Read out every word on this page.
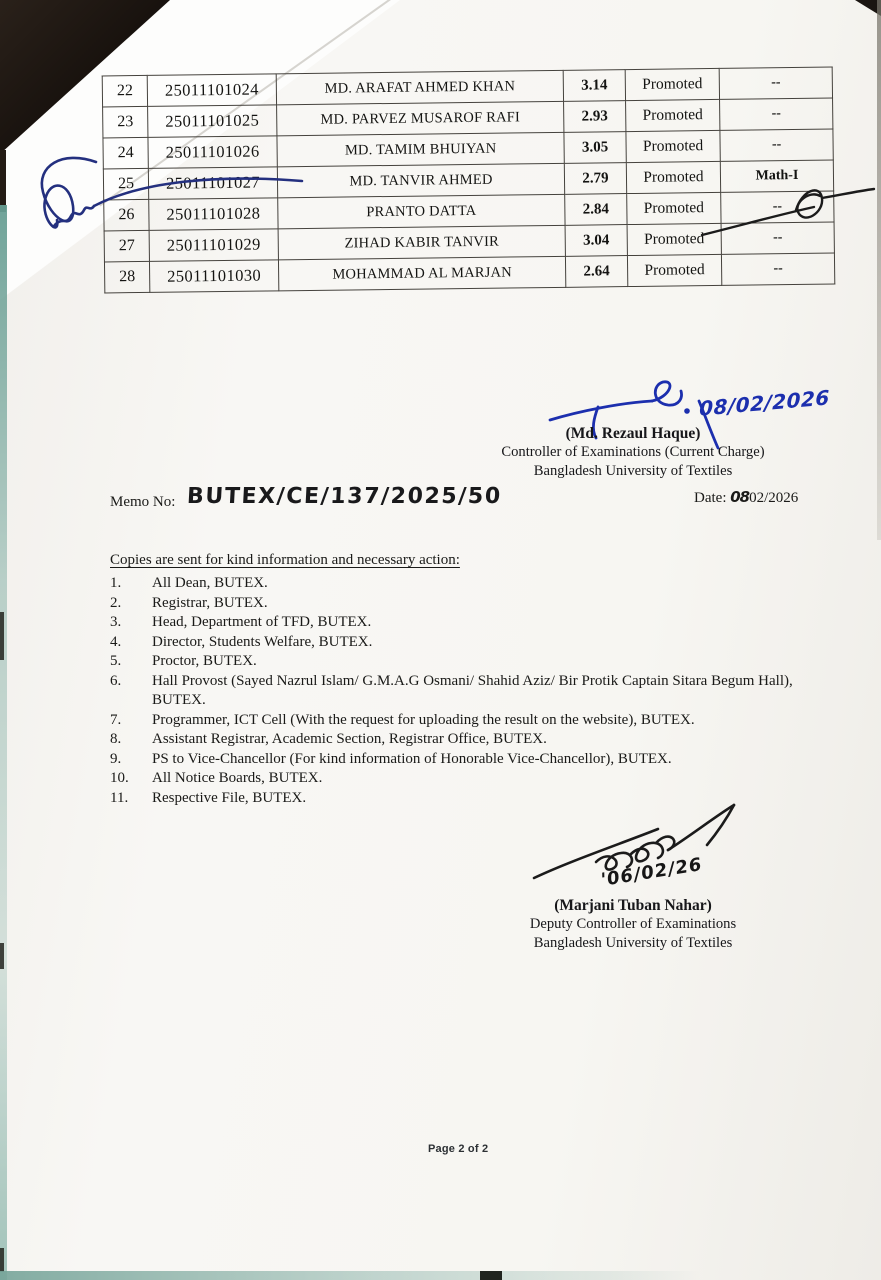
22	25011101024	MD. ARAFAT AHMED KHAN	3.14	Promoted	--
23	25011101025	MD. PARVEZ MUSAROF RAFI	2.93	Promoted	--
24	25011101026	MD. TAMIM BHUIYAN	3.05	Promoted	--
25	25011101027	MD. TANVIR AHMED	2.79	Promoted	Math-I
26	25011101028	PRANTO DATTA	2.84	Promoted	--
27	25011101029	ZIHAD KABIR TANVIR	3.04	Promoted	--
28	25011101030	MOHAMMAD AL MARJAN	2.64	Promoted	--
08/02/2026
(Md. Rezaul Haque)
Controller of Examinations (Current Charge)
Bangladesh University of Textiles
Memo No: BUTEX/CE/137/2025/50	Date: 0802/2026
Copies are sent for kind information and necessary action:
1.	All Dean, BUTEX.
2.	Registrar, BUTEX.
3.	Head, Department of TFD, BUTEX.
4.	Director, Students Welfare, BUTEX.
5.	Proctor, BUTEX.
6.	Hall Provost (Sayed Nazrul Islam/ G.M.A.G Osmani/ Shahid Aziz/ Bir Protik Captain Sitara Begum Hall), BUTEX.
7.	Programmer, ICT Cell (With the request for uploading the result on the website), BUTEX.
8.	Assistant Registrar, Academic Section, Registrar Office, BUTEX.
9.	PS to Vice-Chancellor (For kind information of Honorable Vice-Chancellor), BUTEX.
10.	All Notice Boards, BUTEX.
11.	Respective File, BUTEX.
'06/02/26
(Marjani Tuban Nahar)
Deputy Controller of Examinations
Bangladesh University of Textiles
Page 2 of 2
